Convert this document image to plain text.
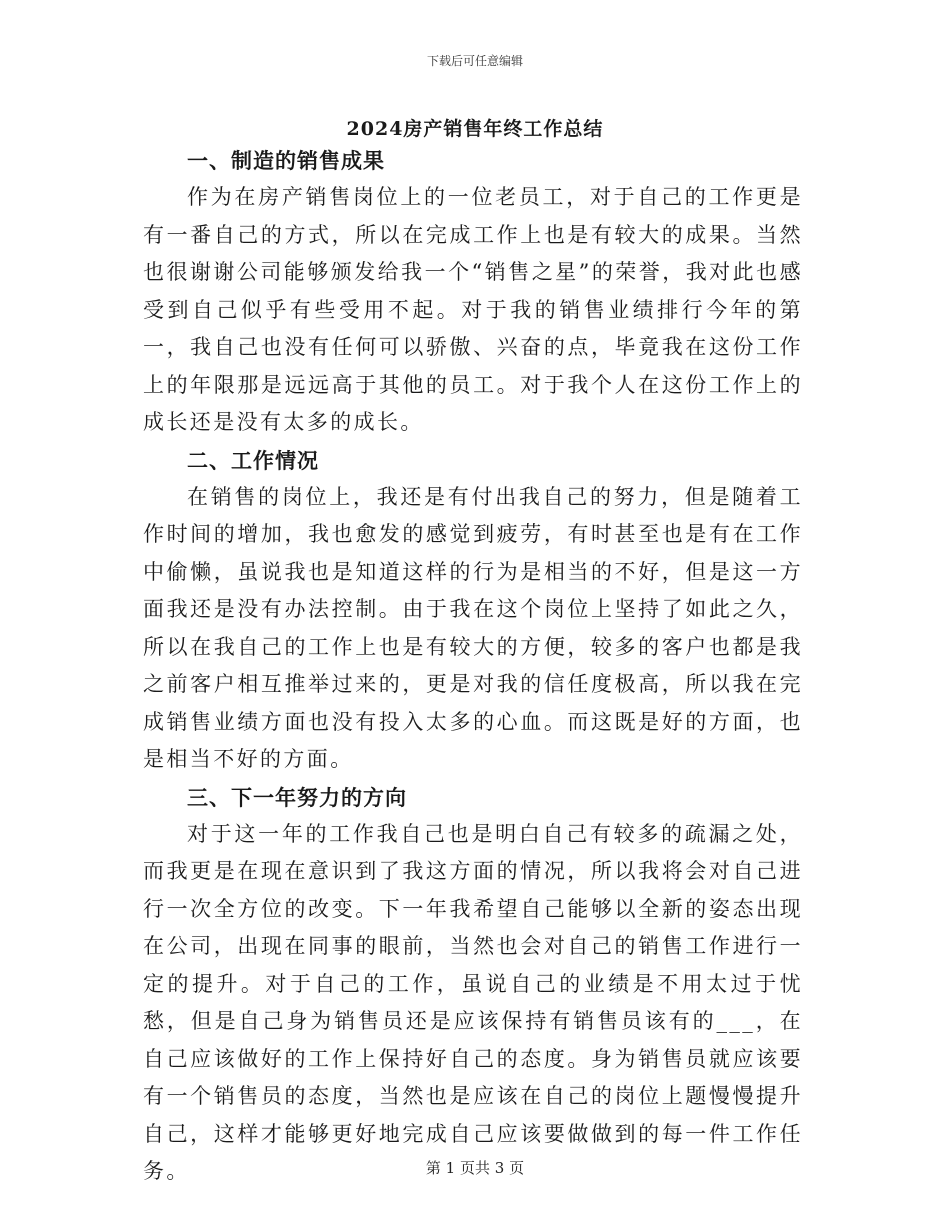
下载后可任意编辑
2024房产销售年终工作总结

一、制造的销售成果

作为在房产销售岗位上的一位老员工，对于自己的工作更是有一番自己的方式，所以在完成工作上也是有较大的成果。当然也很谢谢公司能够颁发给我一个“销售之星”的荣誉，我对此也感受到自己似乎有些受用不起。对于我的销售业绩排行今年的第一，我自己也没有任何可以骄傲、兴奋的点，毕竟我在这份工作上的年限那是远远高于其他的员工。对于我个人在这份工作上的成长还是没有太多的成长。

二、工作情况

在销售的岗位上，我还是有付出我自己的努力，但是随着工作时间的增加，我也愈发的感觉到疲劳，有时甚至也是有在工作中偷懒，虽说我也是知道这样的行为是相当的不好，但是这一方面我还是没有办法控制。由于我在这个岗位上坚持了如此之久，所以在我自己的工作上也是有较大的方便，较多的客户也都是我之前客户相互推举过来的，更是对我的信任度极高，所以我在完成销售业绩方面也没有投入太多的心血。而这既是好的方面，也是相当不好的方面。

三、下一年努力的方向

对于这一年的工作我自己也是明白自己有较多的疏漏之处，而我更是在现在意识到了我这方面的情况，所以我将会对自己进行一次全方位的改变。下一年我希望自己能够以全新的姿态出现在公司，出现在同事的眼前，当然也会对自己的销售工作进行一定的提升。对于自己的工作，虽说自己的业绩是不用太过于忧愁，但是自己身为销售员还是应该保持有销售员该有的___，在自己应该做好的工作上保持好自己的态度。身为销售员就应该要有一个销售员的态度，当然也是应该在自己的岗位上题慢慢提升自己，这样才能够更好地完成自己应该要做做到的每一件工作任务。	第 1 页共 3 页
